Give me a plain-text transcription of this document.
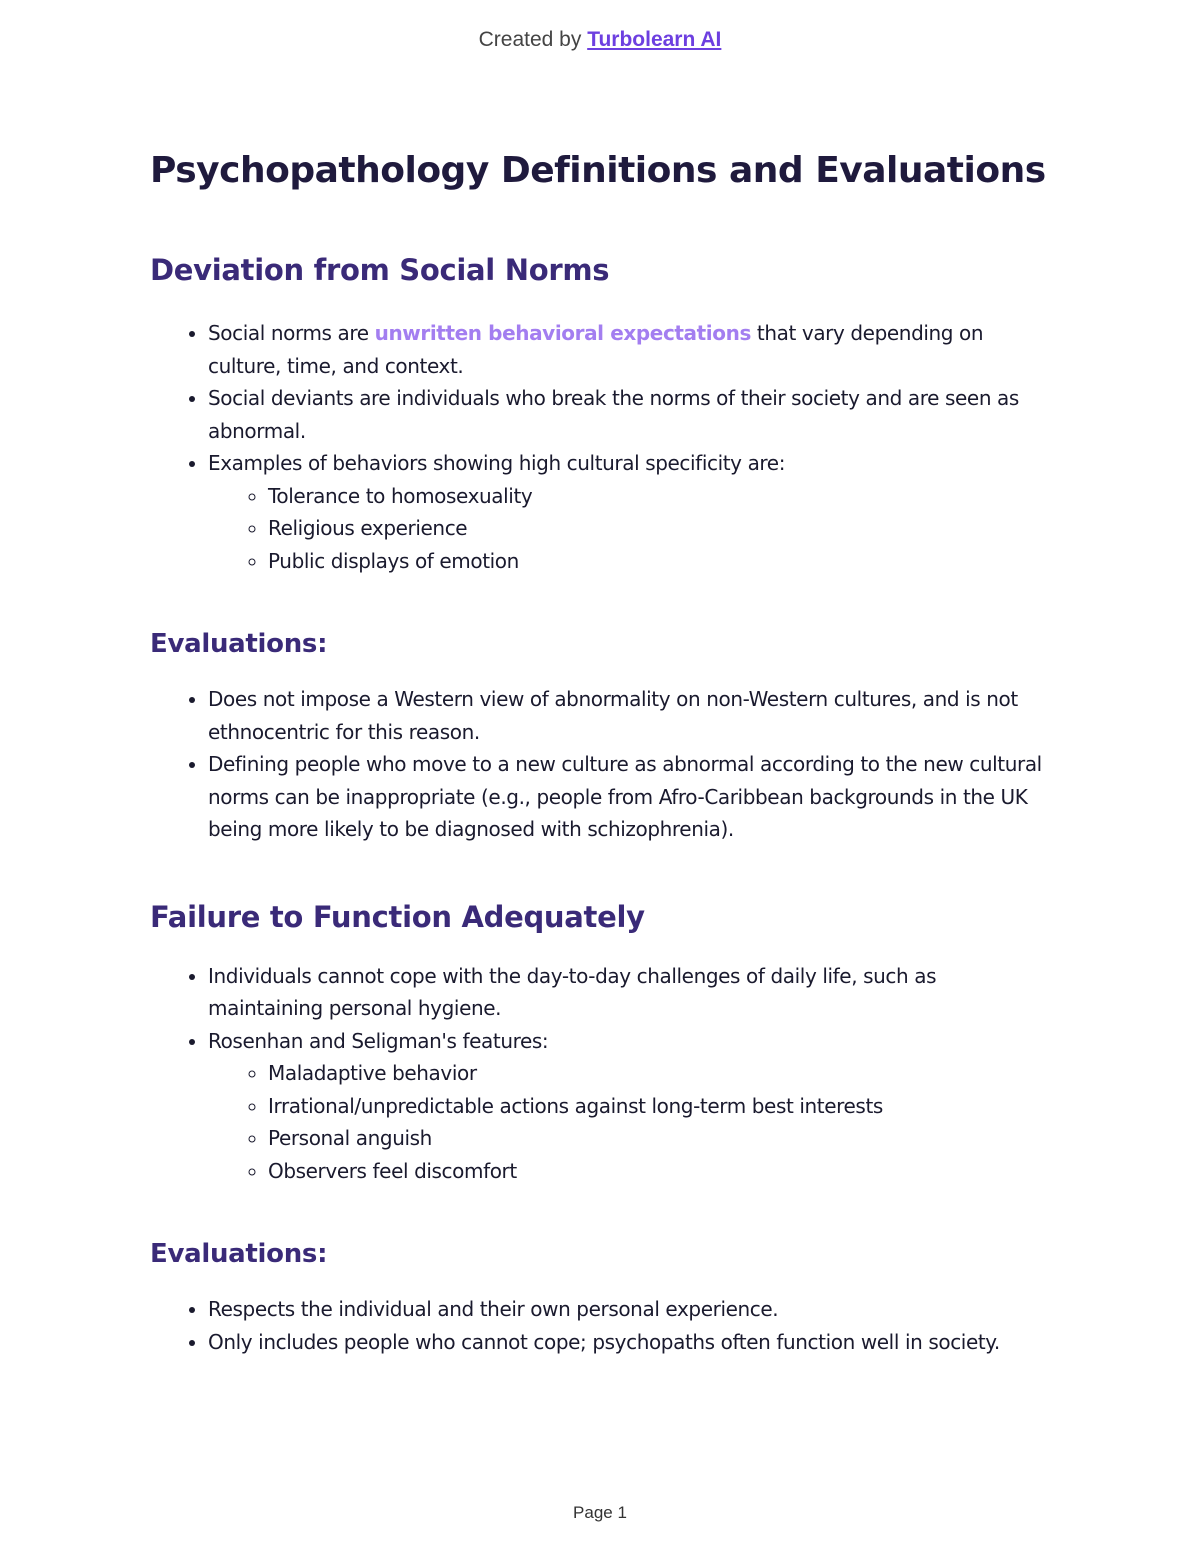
Created by Turbolearn AI
Psychopathology Definitions and Evaluations
Deviation from Social Norms
• Social norms are unwritten behavioral expectations that vary depending on culture, time, and context.
• Social deviants are individuals who break the norms of their society and are seen as abnormal.
• Examples of behaviors showing high cultural specificity are:
◦ Tolerance to homosexuality
◦ Religious experience
◦ Public displays of emotion
Evaluations:
• Does not impose a Western view of abnormality on non-Western cultures, and is not ethnocentric for this reason.
• Defining people who move to a new culture as abnormal according to the new cultural norms can be inappropriate (e.g., people from Afro-Caribbean backgrounds in the UK being more likely to be diagnosed with schizophrenia).
Failure to Function Adequately
• Individuals cannot cope with the day-to-day challenges of daily life, such as maintaining personal hygiene.
• Rosenhan and Seligman's features:
◦ Maladaptive behavior
◦ Irrational/unpredictable actions against long-term best interests
◦ Personal anguish
◦ Observers feel discomfort
Evaluations:
• Respects the individual and their own personal experience.
• Only includes people who cannot cope; psychopaths often function well in society.
Page 1
